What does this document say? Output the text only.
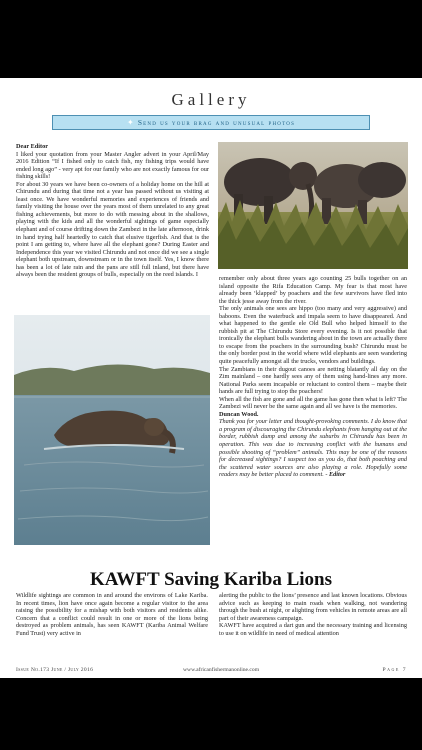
Gallery
✦ Send us your brag and unusual photos

Dear Editor

I liked your quotation from your Master Angler advert in your April/May 2016 Edition “If I fished only to catch fish, my fishing trips would have ended long ago” - very apt for our family who are not exactly famous for our fishing skills!

For about 30 years we have been co-owners of a holiday home on the hill at Chirundu and during that time not a year has passed without us visiting at least once. We have wonderful memories and experiences of friends and family visiting the house over the years most of them unrelated to any great fishing achievements, but more to do with messing about in the shallows, playing with the kids and all the wonderful sightings of game especially elephant and of course drifting down the Zambezi in the late afternoon, drink in hand trying half heartedly to catch that elusive tigerfish. And that is the point I am getting to, where have all the elephant gone? During Easter and Independence this year we visited Chirundu and not once did we see a single elephant both upstream, downstream or in the town itself. Yes, I know there has been a lot of late rain and the pans are still full inland, but there have always been the resident groups of bulls, especially on the reed islands. I

remember only about three years ago counting 25 bulls together on an island opposite the Rifa Education Camp. My fear is that most have already been ‘klapped’ by poachers and the few survivors have fled into the thick jesse away from the river.

The only animals one sees are hippo (too many and very aggressive) and baboons. Even the waterbuck and impala seem to have disappeared. And what happened to the gentle ele Old Bull who helped himself to the rubbish pit at The Chirundu Store every evening. Is it not possible that ironically the elephant bulls wandering about in the town are actually there to escape from the poachers in the surrounding bush? Chirundu must be the only border post in the world where wild elephants are seen wandering quite peacefully amongst all the trucks, vendors and buildings.

The Zambians in their dugout canoes are netting blatantly all day on the Zim mainland – one hardly sees any of them using hand-lines any more. National Parks seem incapable or reluctant to control them – maybe their hands are full trying to stop the poachers!

When all the fish are gone and all the game has gone then what is left? The Zambezi will never be the same again and all we have is the memories.

Duncan Wood.

Thank you for your letter and thought-provoking comments. I do know that a program of discouraging the Chirundu elephants from hanging out at the border, rubbish dump and among the suburbs in Chirundu has been in operation. This was due to increasing conflict with the humans and possible shooting of “problem” animals. This may be one of the reasons for decreased sightings? I suspect too as you do, that both poaching and the scattered water sources are also playing a role. Hopefully some readers may be better placed to comment. - Editor

KAWFT Saving Kariba Lions

Wildlife sightings are common in and around the environs of Lake Kariba. In recent times, lion have once again become a regular visitor to the area raising the possibility for a mishap with both visitors and residents alike. Concern that a conflict could result in one or more of the lions being destroyed as problem animals, has seen KAWFT (Kariba Animal Welfare Fund Trust) very active in

alerting the public to the lions’ presence and last known locations. Obvious advice such as keeping to main roads when walking, not wandering through the bush at night, or alighting from vehicles in remote areas are all part of their awareness campaign.

KAWFT have acquired a dart gun and the necessary training and licensing to use it on wildlife in need of medical attention

Issue No.173 June / July 2016	www.africanfishermanonline.com	Page 7
